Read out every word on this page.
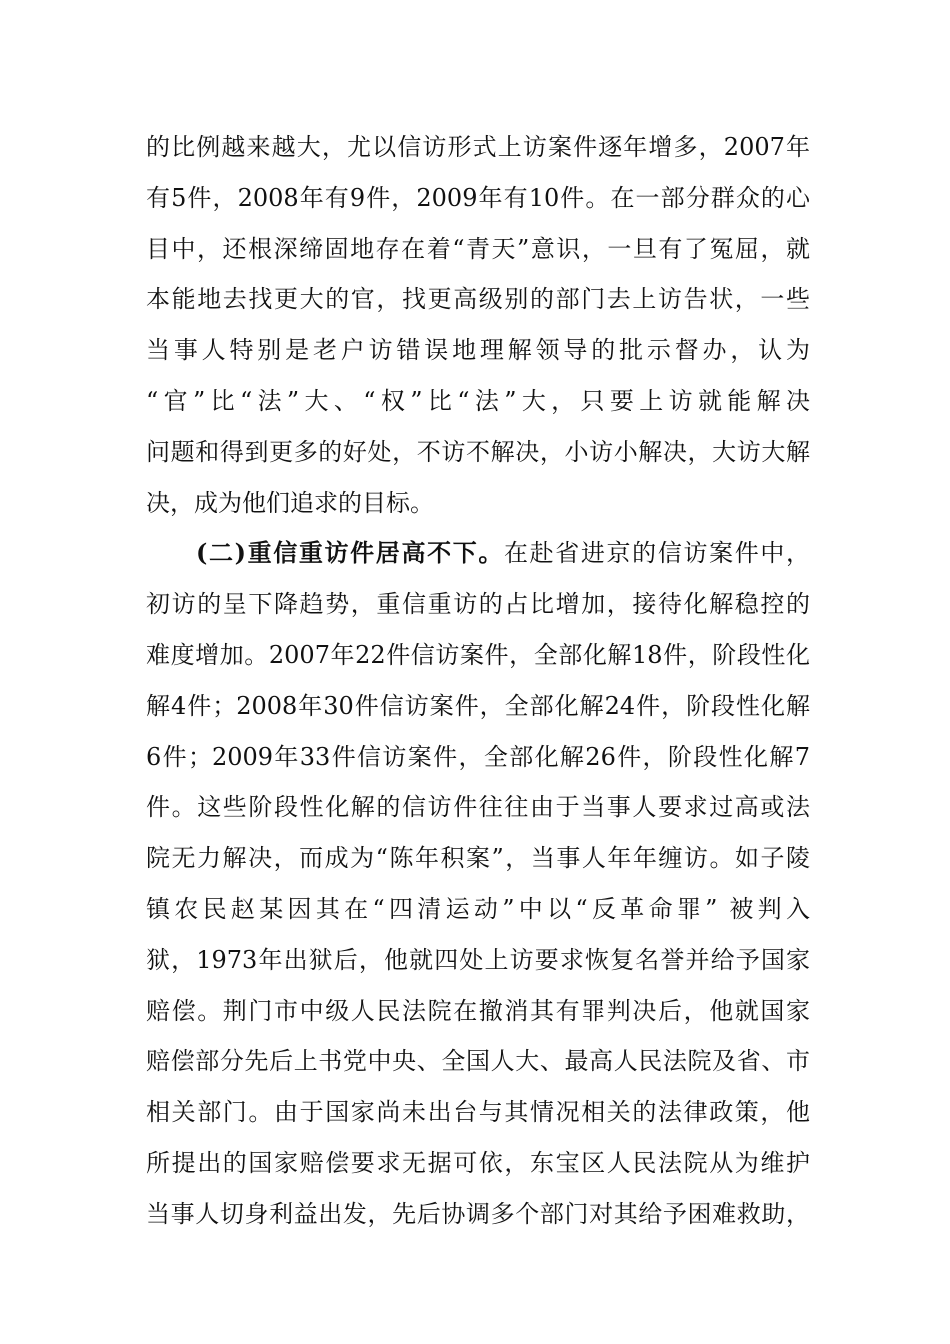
的比例越来越大，尤以信访形式上访案件逐年增多，2007年
有5件，2008年有9件，2009年有10件。在一部分群众的心
目中，还根深缔固地存在着“青天”意识，一旦有了冤屈，就
本能地去找更大的官，找更高级别的部门去上访告状，一些
当事人特别是老户访错误地理解领导的批示督办，认为
“官”比“法”大、“权”比“法”大，只要上访就能解决
问题和得到更多的好处，不访不解决，小访小解决，大访大解
决，成为他们追求的目标。
(二)重信重访件居高不下。在赴省进京的信访案件中，
初访的呈下降趋势，重信重访的占比增加，接待化解稳控的
难度增加。2007年22件信访案件，全部化解18件，阶段性化
解4件；2008年30件信访案件，全部化解24件，阶段性化解
6件；2009年33件信访案件，全部化解26件，阶段性化解7
件。这些阶段性化解的信访件往往由于当事人要求过高或法
院无力解决，而成为“陈年积案”，当事人年年缠访。如子陵
镇农民赵某因其在“四清运动”中以“反革命罪” 被判入
狱，1973年出狱后，他就四处上访要求恢复名誉并给予国家
赔偿。荆门市中级人民法院在撤消其有罪判决后，他就国家
赔偿部分先后上书党中央、全国人大、最高人民法院及省、市
相关部门。由于国家尚未出台与其情况相关的法律政策，他
所提出的国家赔偿要求无据可依，东宝区人民法院从为维护
当事人切身利益出发，先后协调多个部门对其给予困难救助，
